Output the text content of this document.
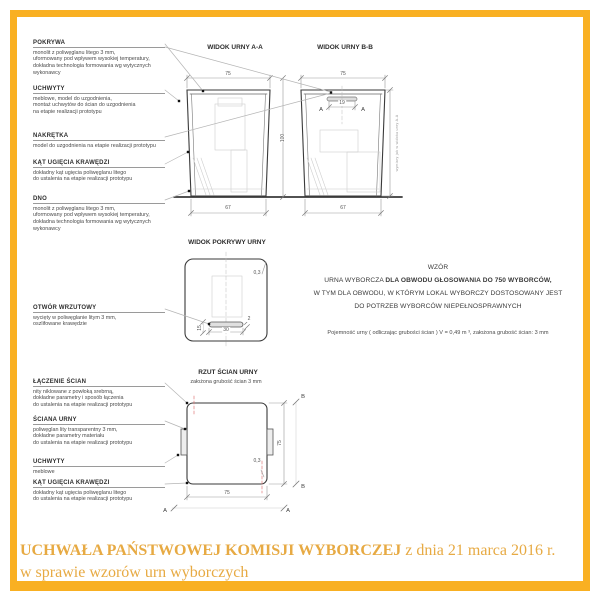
POKRYWA
monolit z poliwęglanu litego 3 mm,
uformowany pod wpływem wysokiej temperatury,
dokładna technologia formowania wg wytycznych
wykonawcy
UCHWYTY
meblowe, model do uzgodnienia,
montaż uchwytów do ścian do uzgodnienia
na etapie realizacji prototypu
NAKRĘTKA
model do uzgodnienia na etapie realizacji prototypu
KĄT UGIĘCIA KRAWĘDZI
dokładny kąt ugięcia poliwęglanu litego
do ustalenia na etapie realizacji prototypu
DNO
monolit z poliwęglanu litego 3 mm,
uformowany pod wpływem wysokiej temperatury,
dokładna technologia formowania wg wytycznych
wykonawcy
OTWÓR WRZUTOWY
wycięty w poliwęglanie litym 3 mm,
oszlifowane krawędzie
ŁĄCZENIE ŚCIAN
nity niklowane z powłoką srebrną,
dokładne parametry i sposób łączenia
do ustalenia na etapie realizacji prototypu
ŚCIANA URNY
poliwęglan lity transparentny 3 mm,
dokładne parametry materiału
do ustalenia na etapie realizacji prototypu
UCHWYTY
meblowe
KĄT UGIĘCIA KRAWĘDZI
dokładny kąt ugięcia poliwęglanu litego
do ustalenia na etapie realizacji prototypu
WIDOK URNY A-A	WIDOK URNY B-B
WIDOK POKRYWY URNY
RZUT ŚCIAN URNY
założona grubość ścian 3 mm
75	75
100
67	67
19
A	A
0,3
30
15
2
75
75
0,3
B
B
A	A
wymiary jak w widoku urny A-A
WZÓR
URNA WYBORCZA DLA OBWODU GŁOSOWANIA DO 750 WYBORCÓW,
W TYM DLA OBWODU, W KTÓRYM LOKAL WYBORCZY DOSTOSOWANY JEST
DO POTRZEB WYBORCÓW NIEPEŁNOSPRAWNYCH
Pojemność urny ( odliczając grubości ścian ) V = 0,49 m ³, założona grubość ścian: 3 mm
UCHWAŁA PAŃSTWOWEJ KOMISJI WYBORCZEJ z dnia 21 marca 2016 r.
w sprawie wzorów urn wyborczych
